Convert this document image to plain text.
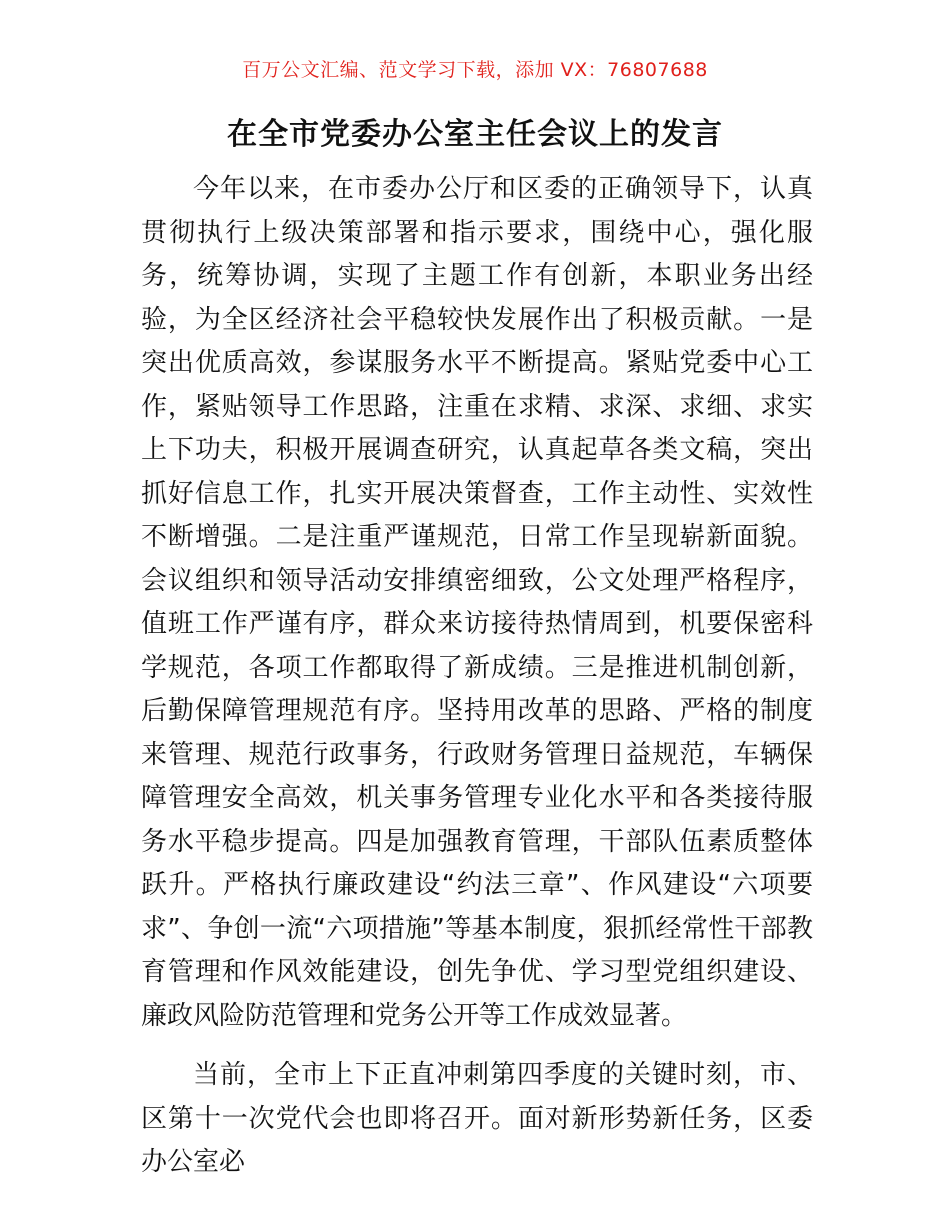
百万公文汇编、范文学习下载，添加 VX：76807688
在全市党委办公室主任会议上的发言

今年以来，在市委办公厅和区委的正确领导下，认真贯彻执行上级决策部署和指示要求，围绕中心，强化服务，统筹协调，实现了主题工作有创新，本职业务出经验，为全区经济社会平稳较快发展作出了积极贡献。一是突出优质高效，参谋服务水平不断提高。紧贴党委中心工作，紧贴领导工作思路，注重在求精、求深、求细、求实上下功夫，积极开展调查研究，认真起草各类文稿，突出抓好信息工作，扎实开展决策督查，工作主动性、实效性不断增强。二是注重严谨规范，日常工作呈现崭新面貌。会议组织和领导活动安排缜密细致，公文处理严格程序，值班工作严谨有序，群众来访接待热情周到，机要保密科学规范，各项工作都取得了新成绩。三是推进机制创新，后勤保障管理规范有序。坚持用改革的思路、严格的制度来管理、规范行政事务，行政财务管理日益规范，车辆保障管理安全高效，机关事务管理专业化水平和各类接待服务水平稳步提高。四是加强教育管理，干部队伍素质整体跃升。严格执行廉政建设“约法三章”、作风建设“六项要求”、争创一流“六项措施”等基本制度，狠抓经常性干部教育管理和作风效能建设，创先争优、学习型党组织建设、廉政风险防范管理和党务公开等工作成效显著。

当前，全市上下正直冲刺第四季度的关键时刻，市、区第十一次党代会也即将召开。面对新形势新任务，区委办公室必
